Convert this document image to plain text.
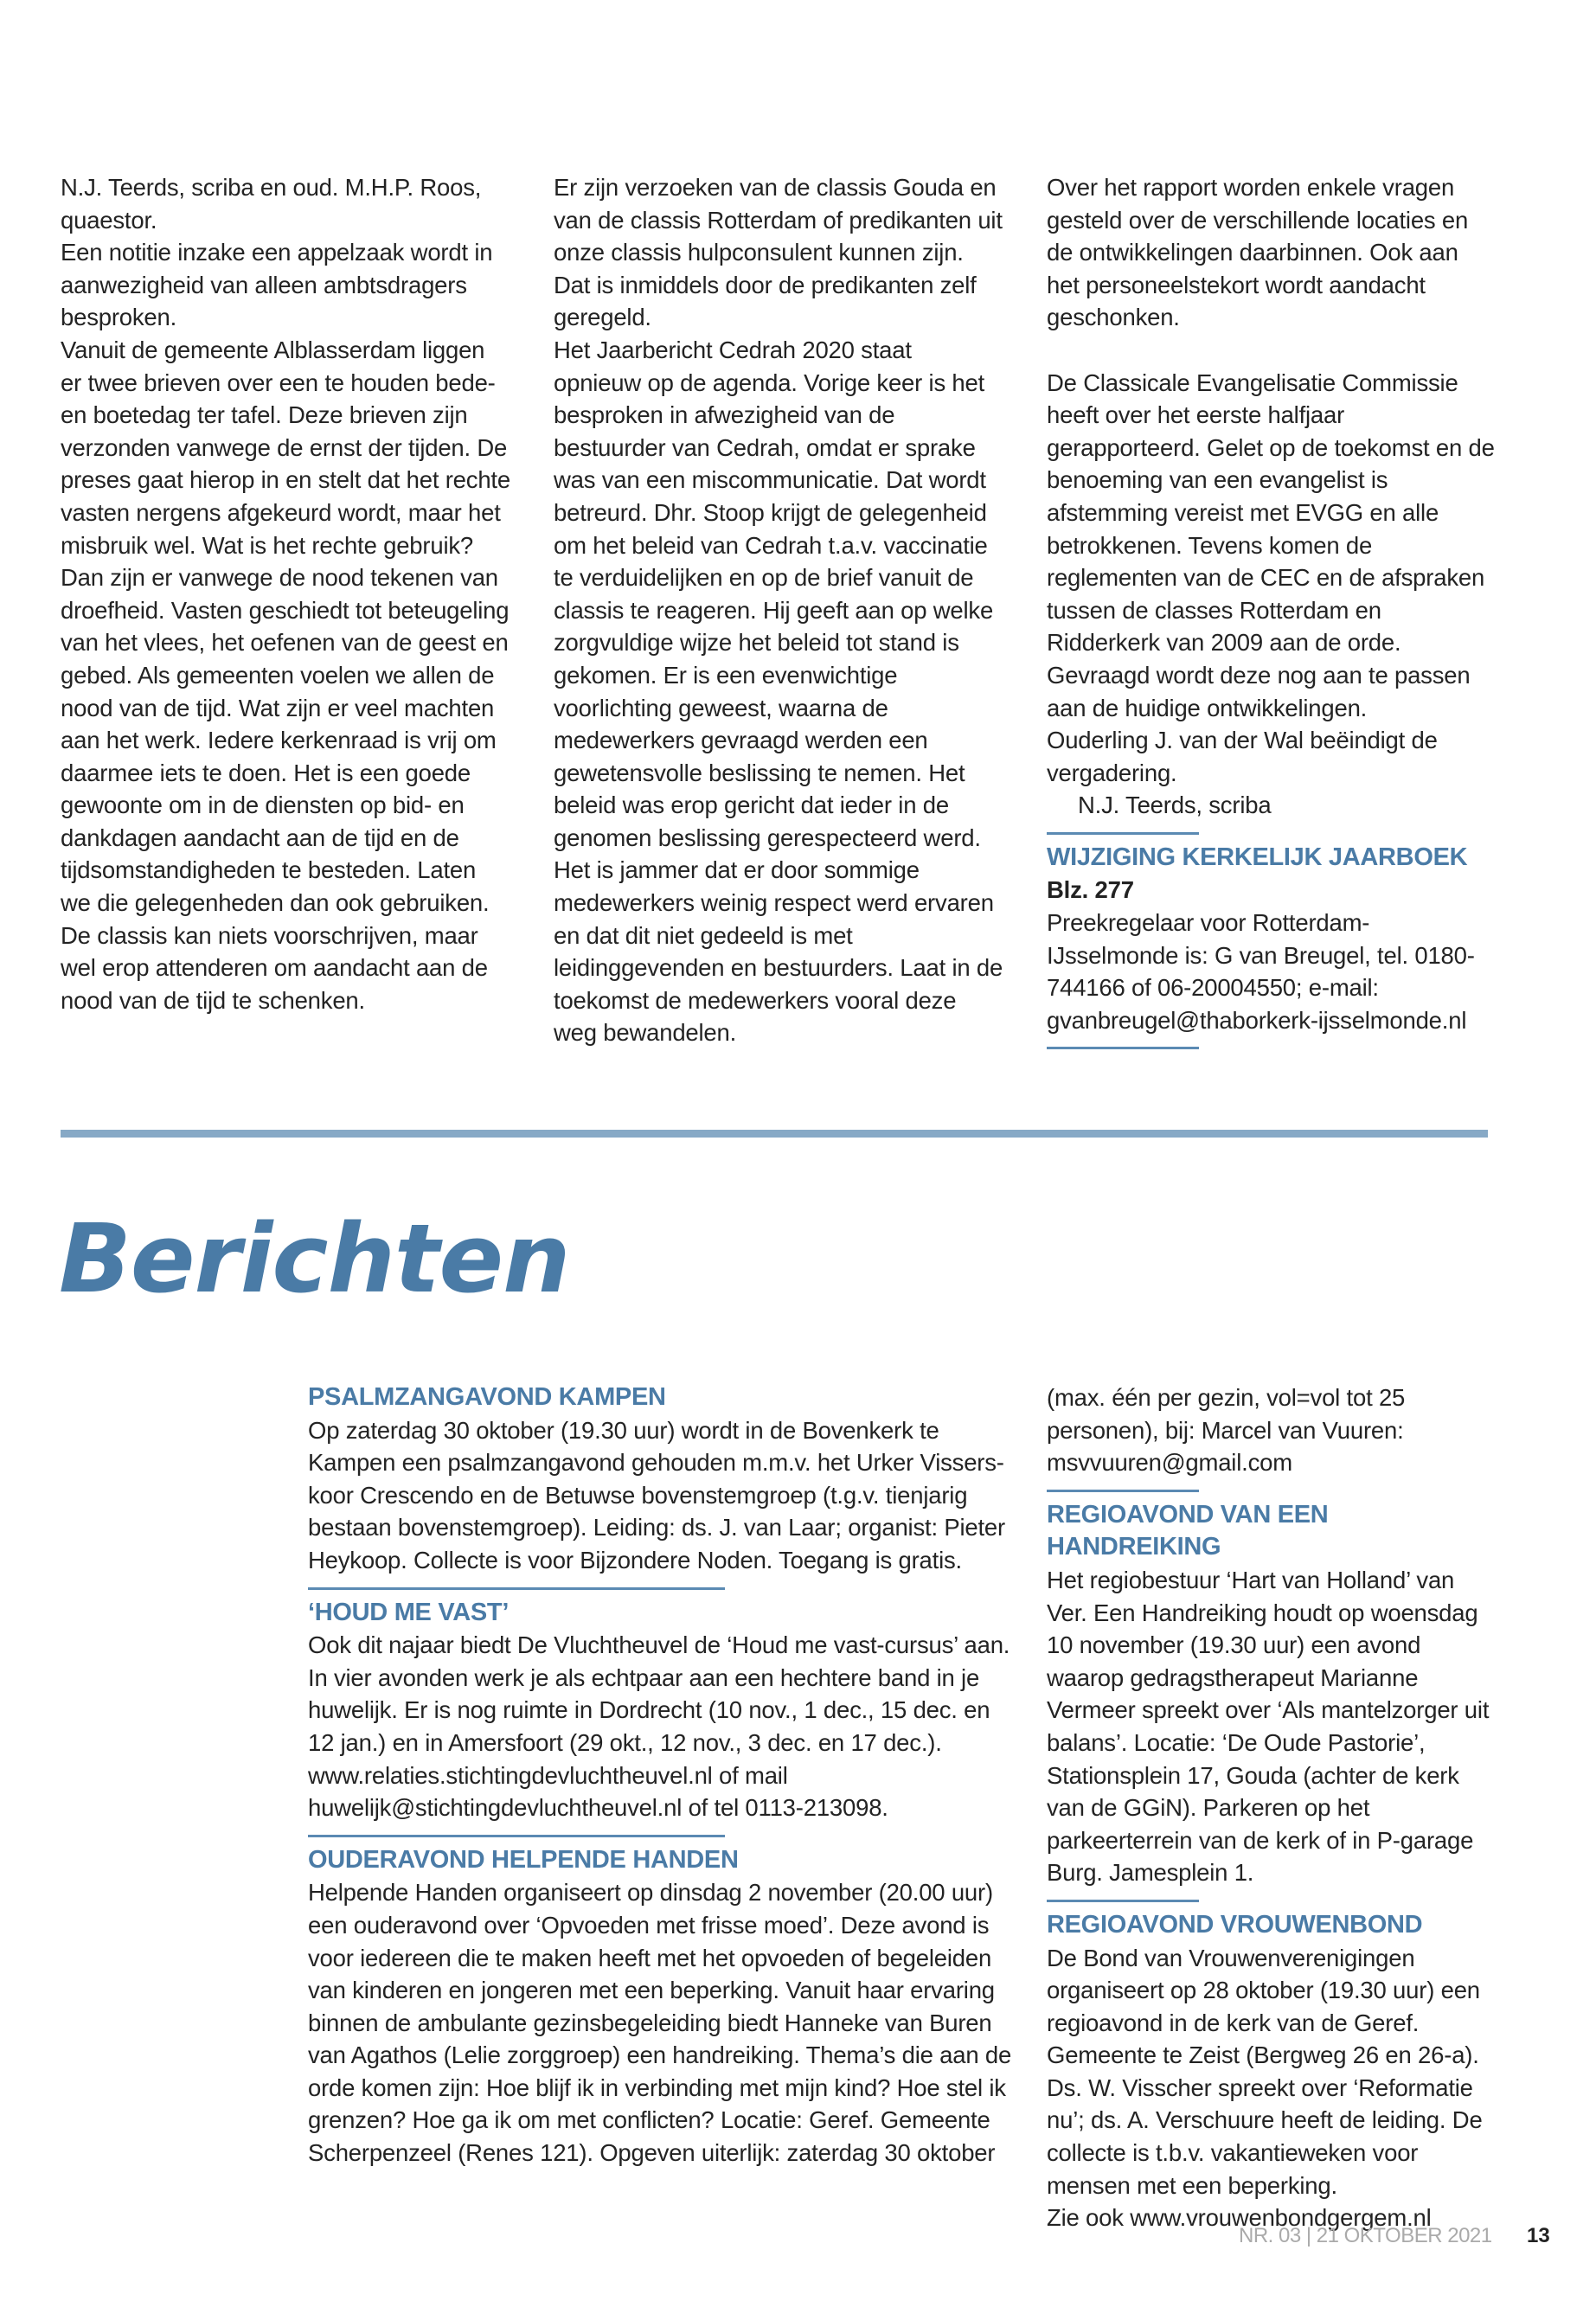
N.J. Teerds, scriba en oud. M.H.P. Roos, quaestor.

Een notitie inzake een appelzaak wordt in aanwezigheid van alleen ambtsdragers besproken.

Vanuit de gemeente Alblasserdam liggen er twee brieven over een te houden bede- en boetedag ter tafel. Deze brieven zijn verzonden vanwege de ernst der tijden. De preses gaat hierop in en stelt dat het rechte vasten nergens afgekeurd wordt, maar het misbruik wel. Wat is het rechte gebruik? Dan zijn er vanwege de nood tekenen van droefheid. Vasten geschiedt tot beteugeling van het vlees, het oefenen van de geest en gebed. Als gemeenten voelen we allen de nood van de tijd. Wat zijn er veel machten aan het werk. Iedere kerkenraad is vrij om daarmee iets te doen. Het is een goede gewoonte om in de diensten op bid- en dankdagen aandacht aan de tijd en de tijdsomstandigheden te besteden. Laten we die gelegenheden dan ook gebruiken. De classis kan niets voorschrijven, maar wel erop attenderen om aandacht aan de nood van de tijd te schenken.

Er zijn verzoeken van de classis Gouda en van de classis Rotterdam of predikanten uit onze classis hulpconsulent kunnen zijn. Dat is inmiddels door de predikanten zelf geregeld.

Het Jaarbericht Cedrah 2020 staat opnieuw op de agenda. Vorige keer is het besproken in afwezigheid van de bestuurder van Cedrah, omdat er sprake was van een miscommunicatie. Dat wordt betreurd. Dhr. Stoop krijgt de gelegenheid om het beleid van Cedrah t.a.v. vaccinatie te verduidelijken en op de brief vanuit de classis te reageren. Hij geeft aan op welke zorgvuldige wijze het beleid tot stand is gekomen. Er is een evenwichtige voorlichting geweest, waarna de medewerkers gevraagd werden een gewetensvolle beslissing te nemen. Het beleid was erop gericht dat ieder in de genomen beslissing gerespecteerd werd. Het is jammer dat er door sommige medewerkers weinig respect werd ervaren en dat dit niet gedeeld is met leidinggevenden en bestuurders. Laat in de toekomst de medewerkers vooral deze weg bewandelen.

Over het rapport worden enkele vragen gesteld over de verschillende locaties en de ontwikkelingen daarbinnen. Ook aan het personeelstekort wordt aandacht geschonken.

De Classicale Evangelisatie Commissie heeft over het eerste halfjaar gerapporteerd. Gelet op de toekomst en de benoeming van een evangelist is afstemming vereist met EVGG en alle betrokkenen. Tevens komen de reglementen van de CEC en de afspraken tussen de classes Rotterdam en Ridderkerk van 2009 aan de orde. Gevraagd wordt deze nog aan te passen aan de huidige ontwikkelingen.

Ouderling J. van der Wal beëindigt de vergadering.

N.J. Teerds, scriba

WIJZIGING KERKELIJK JAARBOEK
Blz. 277

Preekregelaar voor Rotterdam-IJsselmonde is: G van Breugel, tel. 0180-744166 of 06-20004550; e-mail: gvanbreugel@thaborkerk-ijsselmonde.nl

Berichten
PSALMZANGAVOND KAMPEN

Op zaterdag 30 oktober (19.30 uur) wordt in de Bovenkerk te Kampen een psalmzangavond gehouden m.m.v. het Urker Vissers-koor Crescendo en de Betuwse bovenstemgroep (t.g.v. tienjarig bestaan bovenstemgroep). Leiding: ds. J. van Laar; organist: Pieter Heykoop. Collecte is voor Bijzondere Noden. Toegang is gratis.

‘HOUD ME VAST’

Ook dit najaar biedt De Vluchtheuvel de ‘Houd me vast-cursus’ aan. In vier avonden werk je als echtpaar aan een hechtere band in je huwelijk. Er is nog ruimte in Dordrecht (10 nov., 1 dec., 15 dec. en 12 jan.) en in Amersfoort (29 okt., 12 nov., 3 dec. en 17 dec.). www.relaties.stichtingdevluchtheuvel.nl of mail huwelijk@stichtingdevluchtheuvel.nl of tel 0113-213098.

OUDERAVOND HELPENDE HANDEN

Helpende Handen organiseert op dinsdag 2 november (20.00 uur) een ouderavond over ‘Opvoeden met frisse moed’. Deze avond is voor iedereen die te maken heeft met het opvoeden of begeleiden van kinderen en jongeren met een beperking. Vanuit haar ervaring binnen de ambulante gezinsbegeleiding biedt Hanneke van Buren van Agathos (Lelie zorggroep) een handreiking. Thema’s die aan de orde komen zijn: Hoe blijf ik in verbinding met mijn kind? Hoe stel ik grenzen? Hoe ga ik om met conflicten? Locatie: Geref. Gemeente Scherpenzeel (Renes 121). Opgeven uiterlijk: zaterdag 30 oktober

(max. één per gezin, vol=vol tot 25 personen), bij: Marcel van Vuuren: msvvuuren@gmail.com

REGIOAVOND VAN EEN HANDREIKING

Het regiobestuur ‘Hart van Holland’ van Ver. Een Handreiking houdt op woensdag 10 november (19.30 uur) een avond waarop gedragstherapeut Marianne Vermeer spreekt over ‘Als mantelzorger uit balans’. Locatie: ‘De Oude Pastorie’, Stationsplein 17, Gouda (achter de kerk van de GGiN). Parkeren op het parkeerterrein van de kerk of in P-garage Burg. Jamesplein 1.

REGIOAVOND VROUWENBOND

De Bond van Vrouwenverenigingen organiseert op 28 oktober (19.30 uur) een regioavond in de kerk van de Geref. Gemeente te Zeist (Bergweg 26 en 26-a). Ds. W. Visscher spreekt over ‘Reformatie nu’; ds. A. Verschuure heeft de leiding. De collecte is t.b.v. vakantieweken voor mensen met een beperking.

Zie ook www.vrouwenbondgergem.nl

NR. 03 | 21 OKTOBER 2021 13
